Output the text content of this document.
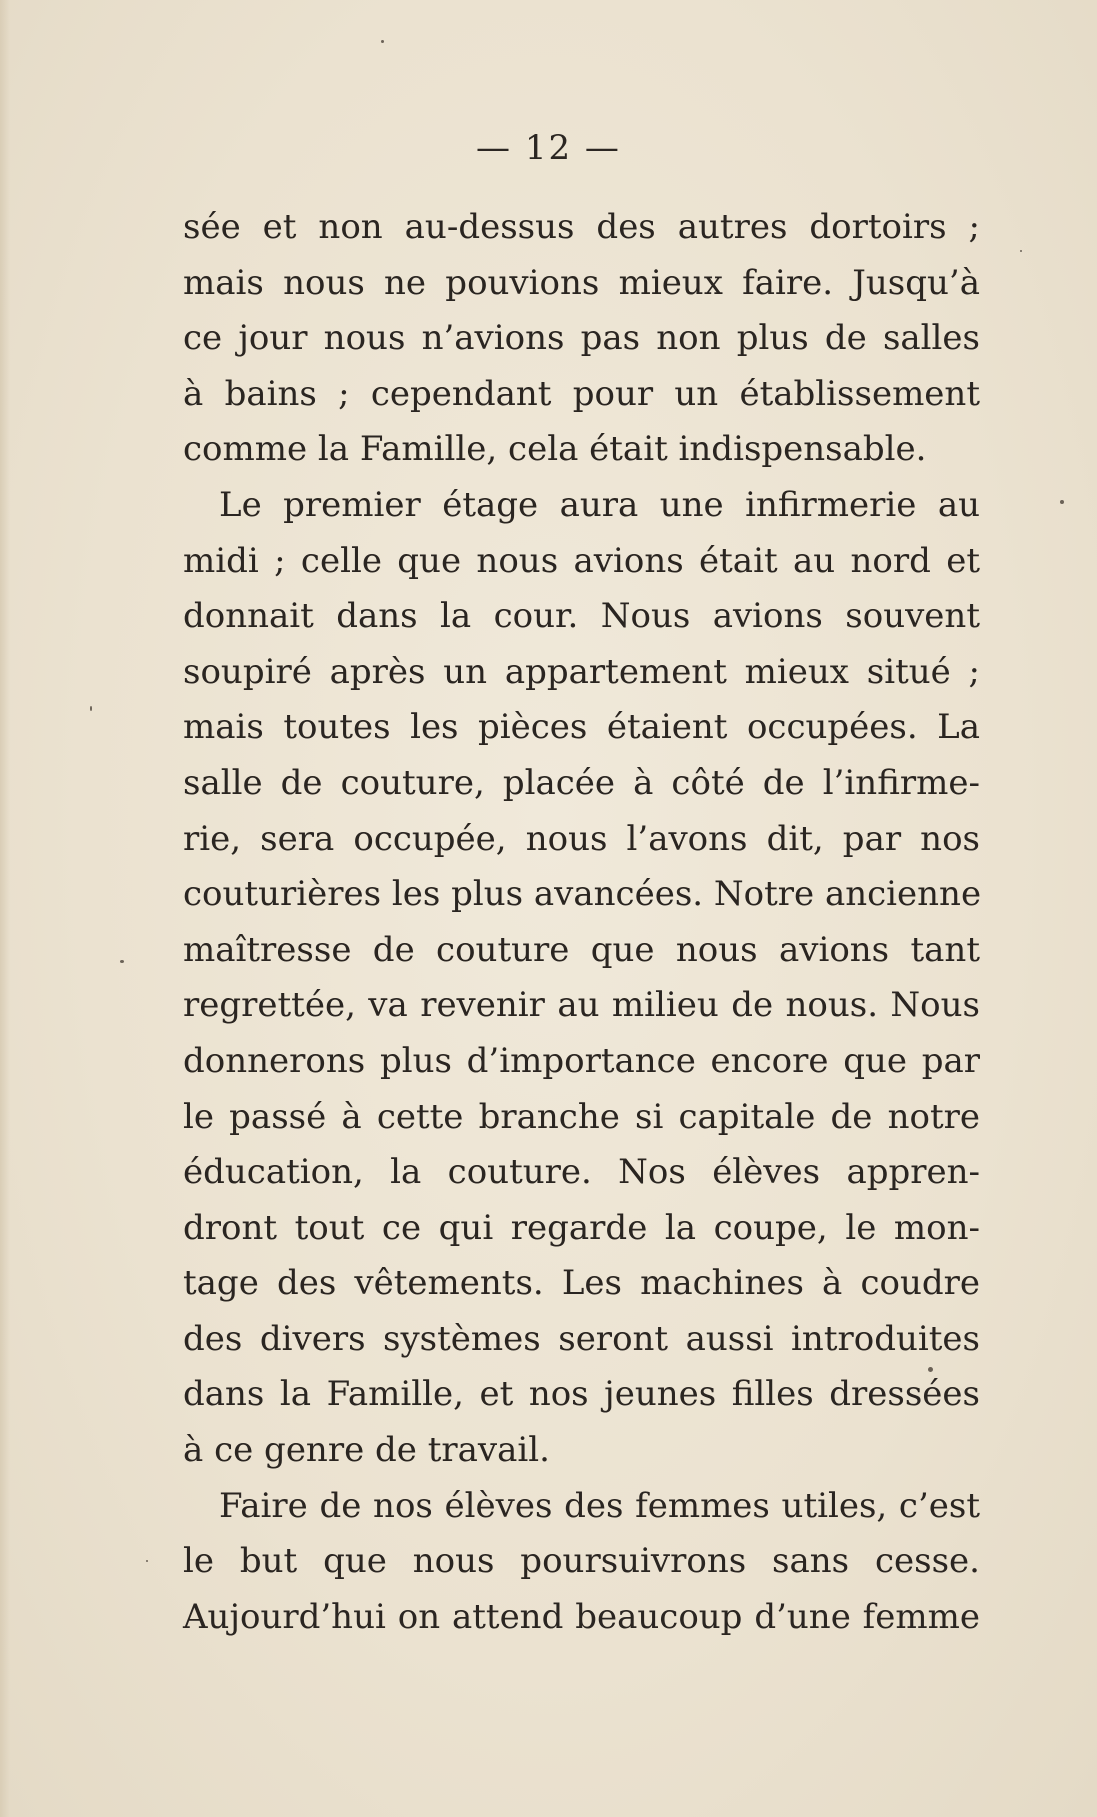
— 12 —
sée et non au-dessus des autres dortoirs ;
mais nous ne pouvions mieux faire. Jusqu’à
ce jour nous n’avions pas non plus de salles
à bains ; cependant pour un établissement
comme la Famille, cela était indispensable.
Le premier étage aura une infirmerie au
midi ; celle que nous avions était au nord et
donnait dans la cour. Nous avions souvent
soupiré après un appartement mieux situé ;
mais toutes les pièces étaient occupées. La
salle de couture, placée à côté de l’infirme-
rie, sera occupée, nous l’avons dit, par nos
couturières les plus avancées. Notre ancienne
maîtresse de couture que nous avions tant
regrettée, va revenir au milieu de nous. Nous
donnerons plus d’importance encore que par
le passé à cette branche si capitale de notre
éducation, la couture. Nos élèves appren-
dront tout ce qui regarde la coupe, le mon-
tage des vêtements. Les machines à coudre
des divers systèmes seront aussi introduites
dans la Famille, et nos jeunes filles dressées
à ce genre de travail.
Faire de nos élèves des femmes utiles, c’est
le but que nous poursuivrons sans cesse.
Aujourd’hui on attend beaucoup d’une femme
